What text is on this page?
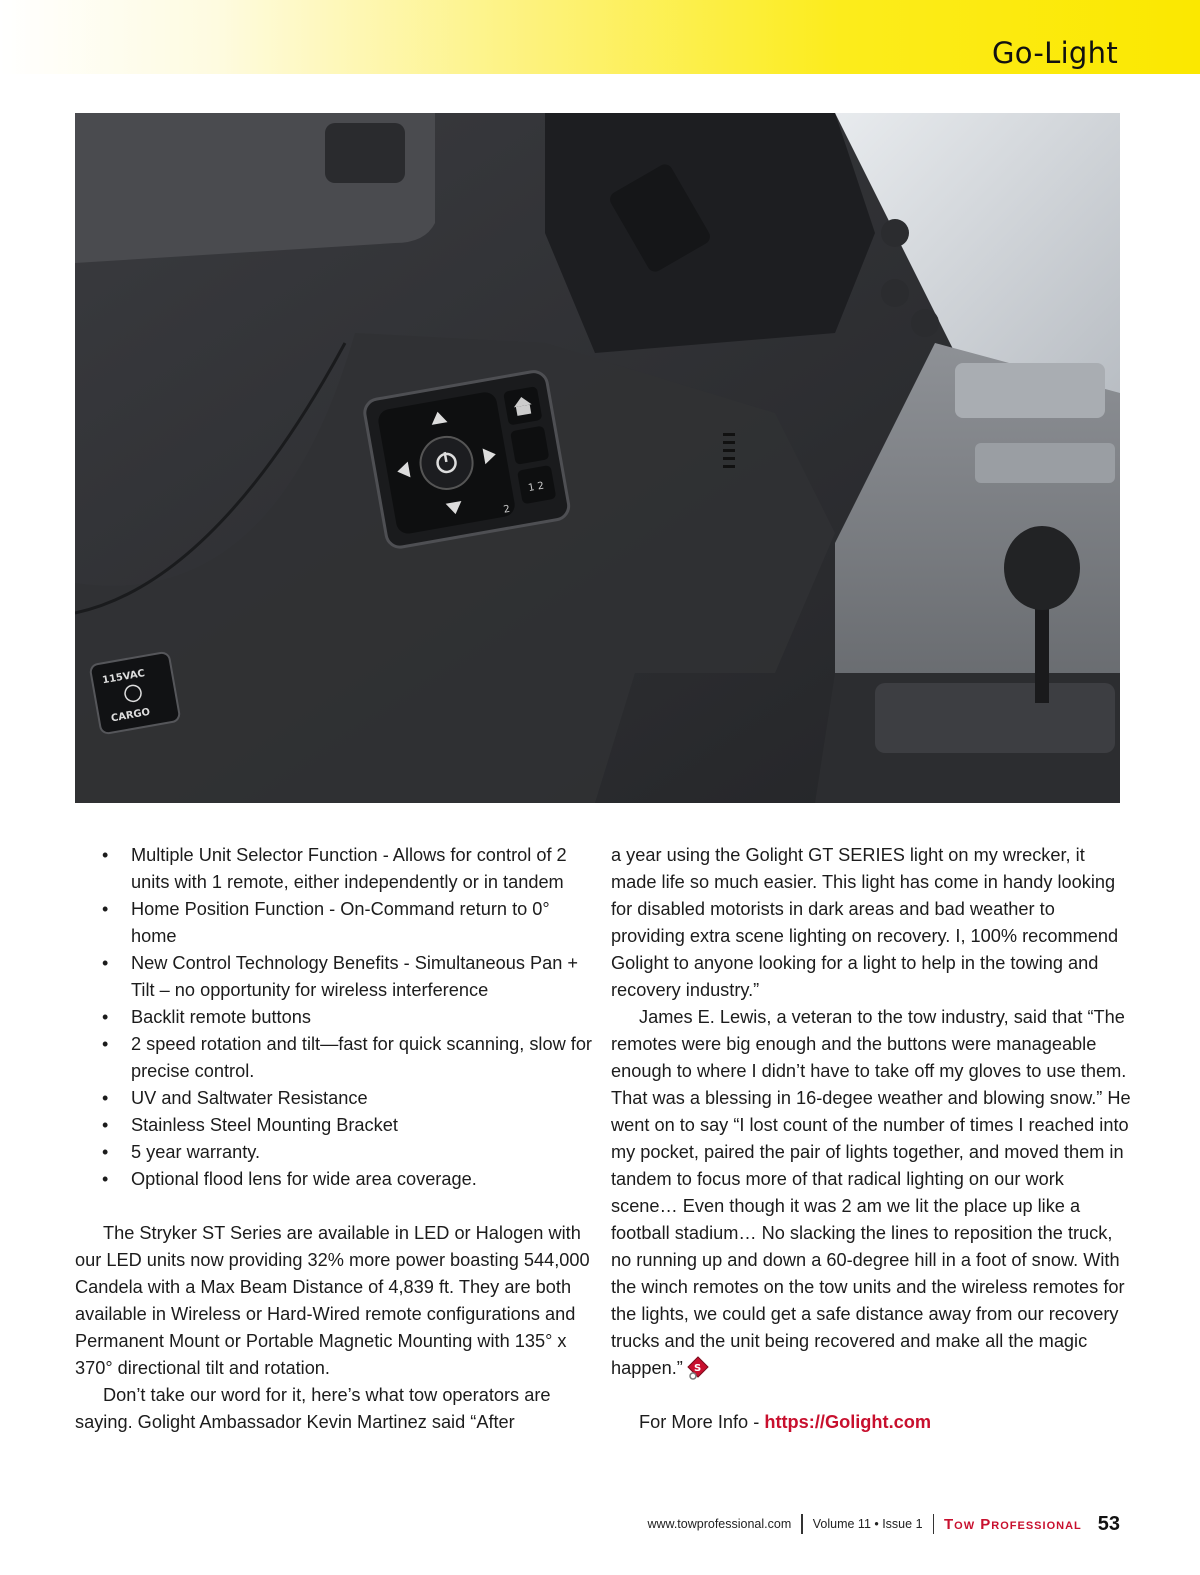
Go-Light
1 2
2
115VAC
CARGO
• Multiple Unit Selector Function - Allows for control of 2 units with 1 remote, either independently or in tandem
• Home Position Function - On-Command return to 0° home
• New Control Technology Benefits - Simultaneous Pan + Tilt – no opportunity for wireless interference
• Backlit remote buttons
• 2 speed rotation and tilt—fast for quick scanning, slow for precise control.
• UV and Saltwater Resistance
• Stainless Steel Mounting Bracket
• 5 year warranty.
• Optional flood lens for wide area coverage.

The Stryker ST Series are available in LED or Halogen with our LED units now providing 32% more power boasting 544,000 Candela with a Max Beam Distance of 4,839 ft. They are both available in Wireless or Hard-Wired remote configurations and Permanent Mount or Portable Magnetic Mounting with 135° x 370° directional tilt and rotation.

Don’t take our word for it, here’s what tow operators are saying. Golight Ambassador Kevin Martinez said “After

a year using the Golight GT SERIES light on my wrecker, it made life so much easier. This light has come in handy looking for disabled motorists in dark areas and bad weather to providing extra scene lighting on recovery. I, 100% recommend Golight to anyone looking for a light to help in the towing and recovery industry.”

James E. Lewis, a veteran to the tow industry, said that “The remotes were big enough and the buttons were manageable enough to where I didn’t have to take off my gloves to use them. That was a blessing in 16-degee weather and blowing snow.” He went on to say “I lost count of the number of times I reached into my pocket, paired the pair of lights together, and moved them in tandem to focus more of that radical lighting on our work scene… Even though it was 2 am we lit the place up like a football stadium… No slacking the lines to reposition the truck, no running up and down a 60-degree hill in a foot of snow. With the winch remotes on the tow units and the wireless remotes for the lights, we could get a safe distance away from our recovery trucks and the unit being recovered and make all the magic happen.” S

For More Info - https://Golight.com

www.towprofessional.com Volume 11 • Issue 1 Tow Professional 53
